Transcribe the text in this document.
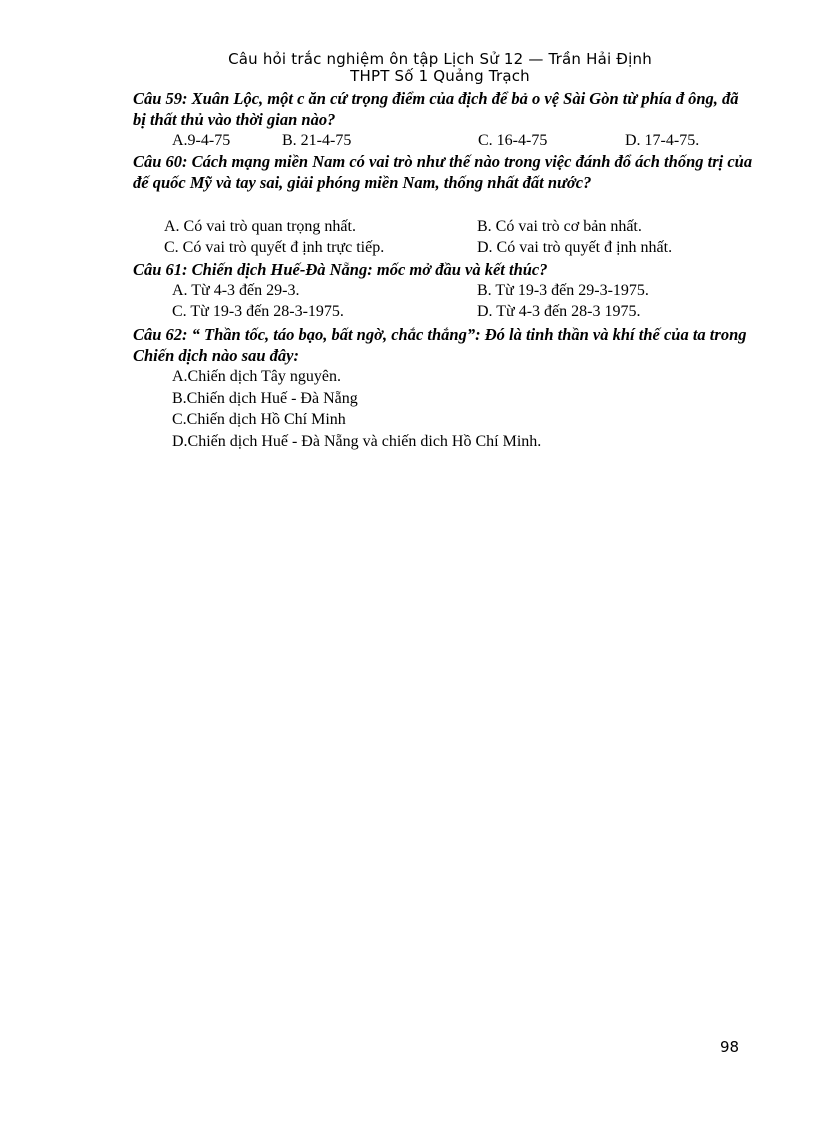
Câu hỏi trắc nghiệm ôn tập Lịch Sử 12 — Trần Hải Định
THPT Số 1 Quảng Trạch
Câu 59: Xuân Lộc, một c ăn cứ trọng điểm của địch để bả o vệ Sài Gòn từ phía đ ông, đã bị thất thủ vào thời gian nào?
A.9-4-75	B. 21-4-75	C. 16-4-75	D. 17-4-75.
Câu 60: Cách mạng miền Nam có vai trò như thế nào trong việc đánh đổ ách thống trị của đế quốc Mỹ và tay sai, giải phóng miền Nam, thống nhất đất nước?
A. Có vai trò quan trọng nhất.	B. Có vai trò cơ bản nhất.
C. Có vai trò quyết đ ịnh trực tiếp.	D. Có vai trò quyết đ ịnh nhất.
Câu 61: Chiến dịch Huế-Đà Nẵng: mốc mở đầu và kết thúc?
A. Từ 4-3 đến 29-3.	B. Từ 19-3 đến 29-3-1975.
C. Từ 19-3 đến 28-3-1975.	D. Từ 4-3 đến 28-3 1975.
Câu 62: “ Thần tốc, táo bạo, bất ngờ, chắc thắng”: Đó là tinh thần và khí thế của ta trong Chiến dịch nào sau đây:
A.Chiến dịch Tây nguyên.
B.Chiến dịch Huế - Đà Nẵng
C.Chiến dịch Hồ Chí Minh
D.Chiến dịch Huế - Đà Nẵng và chiến dich Hồ Chí Minh.
98
